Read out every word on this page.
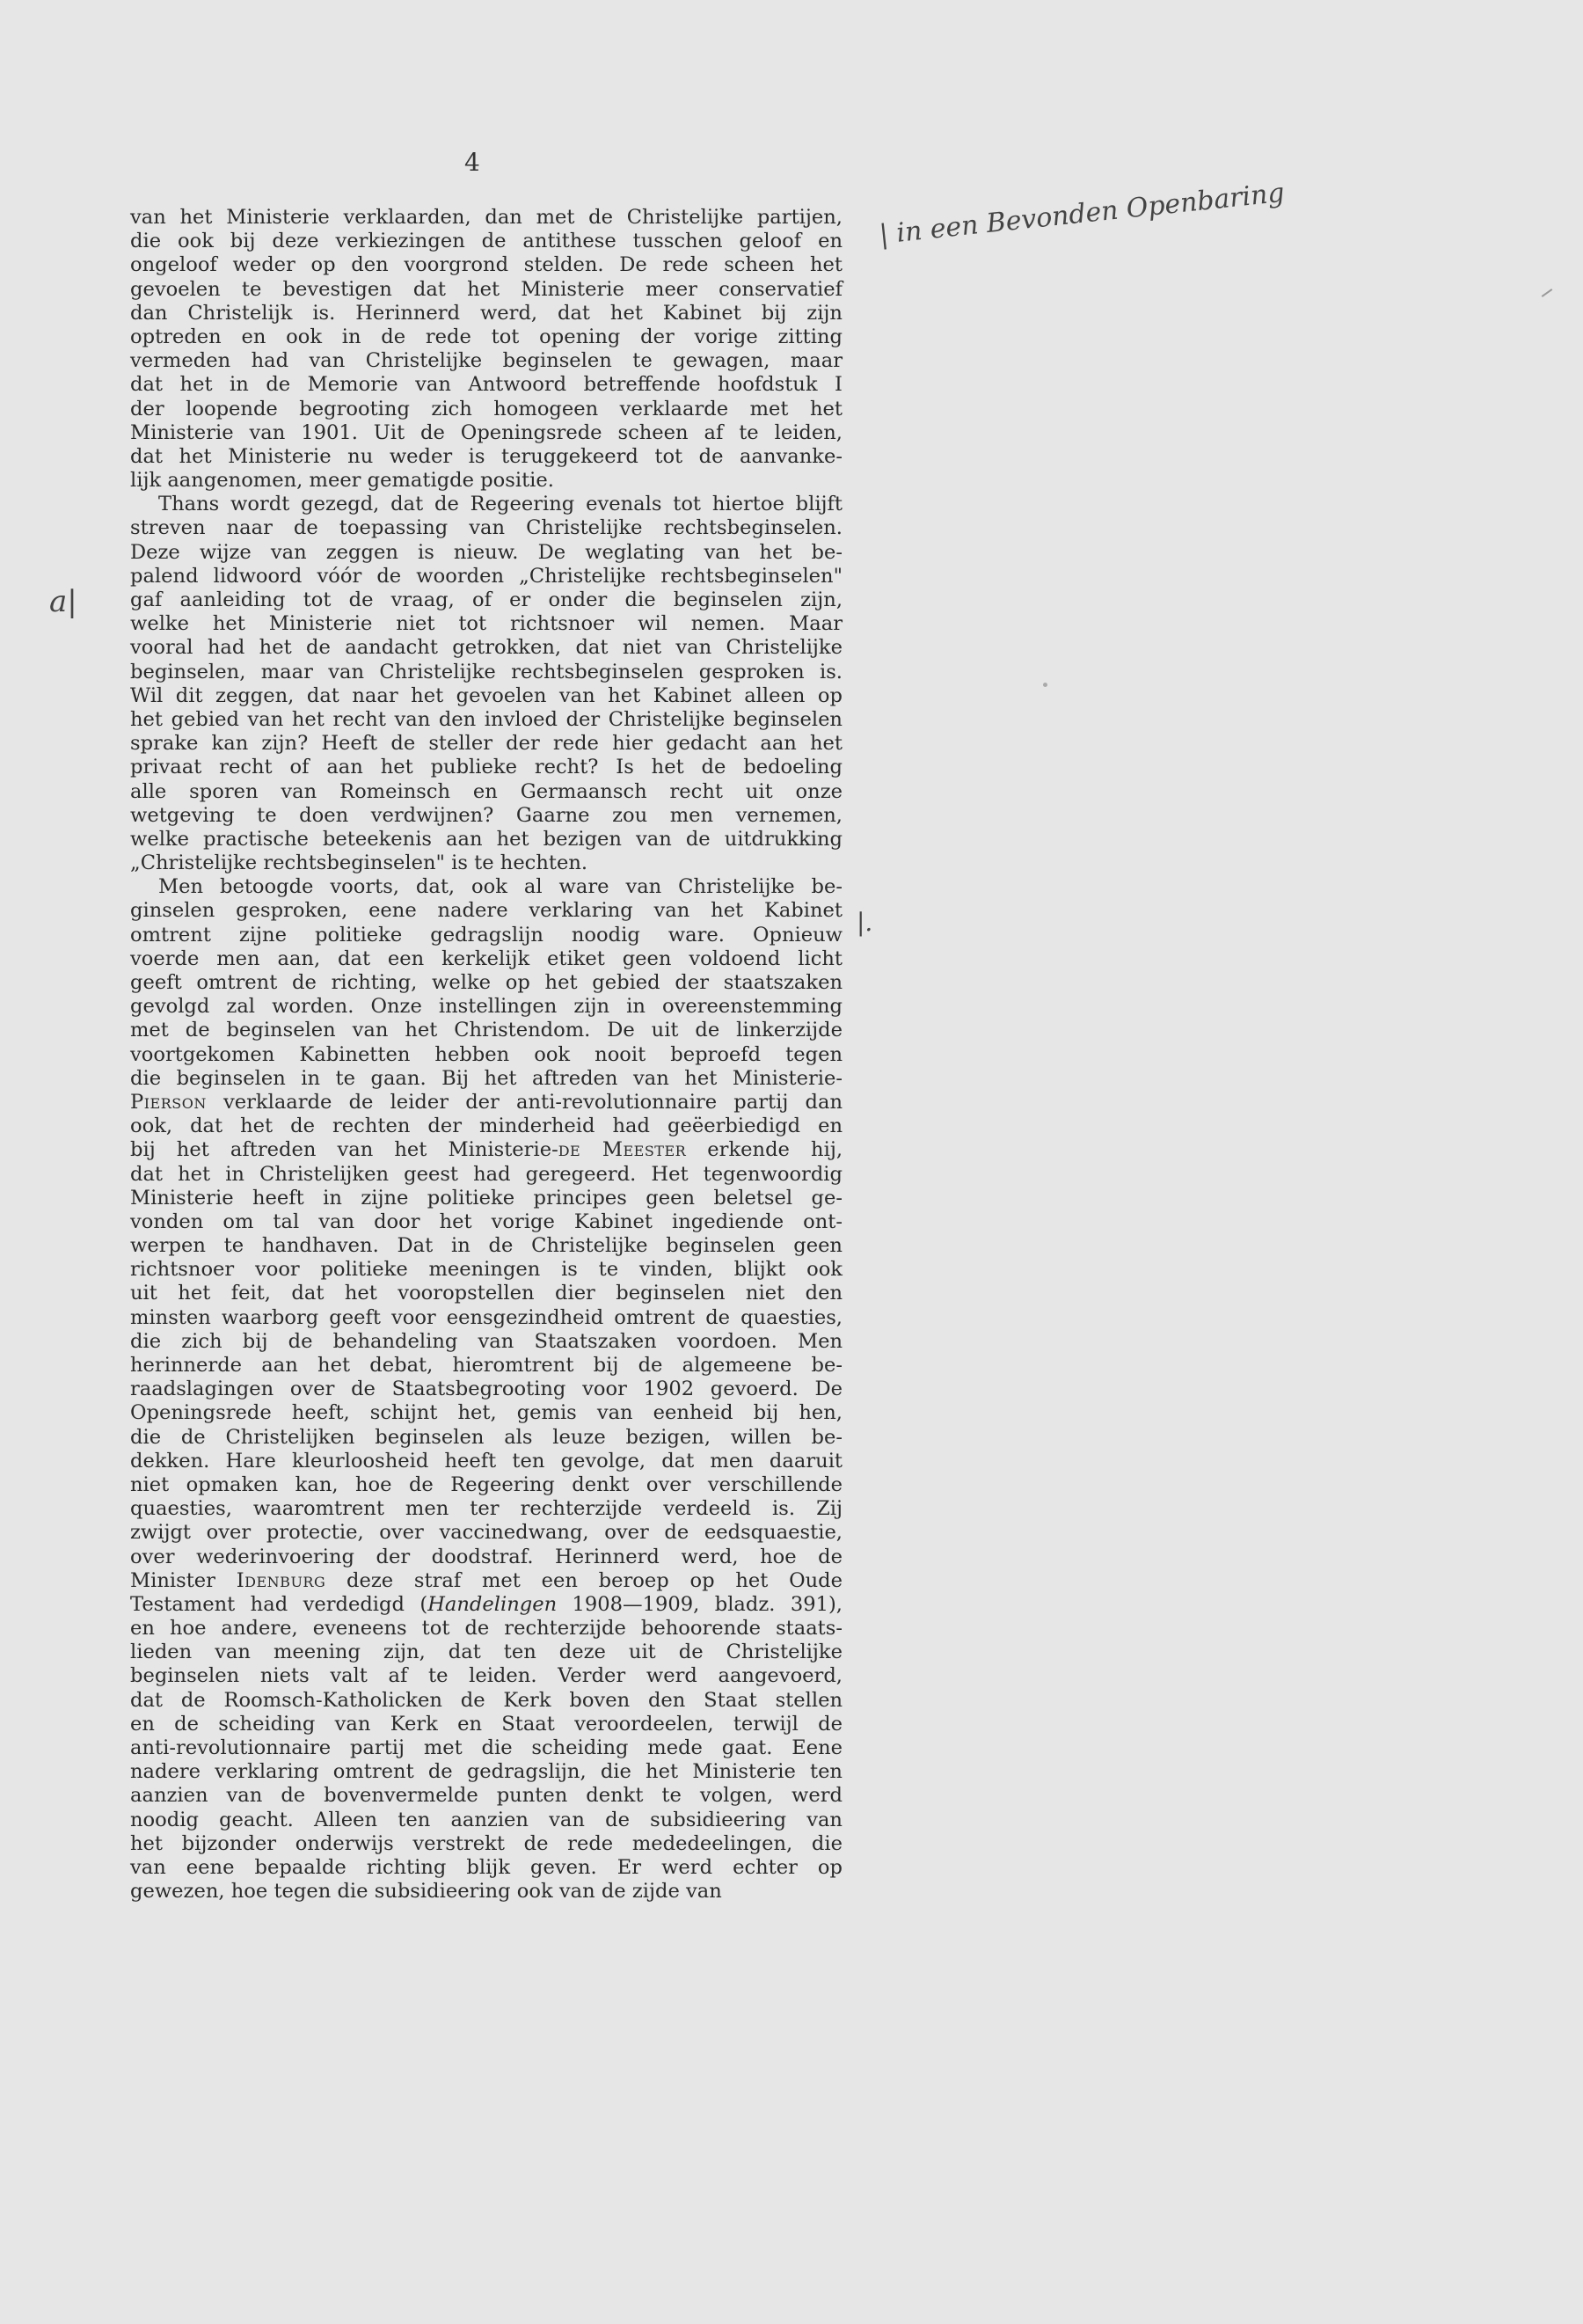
4
van het Ministerie verklaarden, dan met de Christelijke partijen,
die ook bij deze verkiezingen de antithese tusschen geloof en
ongeloof weder op den voorgrond stelden. De rede scheen het
gevoelen te bevestigen dat het Ministerie meer conservatief
dan Christelijk is. Herinnerd werd, dat het Kabinet bij zijn
optreden en ook in de rede tot opening der vorige zitting
vermeden had van Christelijke beginselen te gewagen, maar
dat het in de Memorie van Antwoord betreffende hoofdstuk I
der loopende begrooting zich homogeen verklaarde met het
Ministerie van 1901. Uit de Openingsrede scheen af te leiden,
dat het Ministerie nu weder is teruggekeerd tot de aanvanke-
lijk aangenomen, meer gematigde positie.
Thans wordt gezegd, dat de Regeering evenals tot hiertoe blijft
streven naar de toepassing van Christelijke rechtsbeginselen.
Deze wijze van zeggen is nieuw. De weglating van het be-
palend lidwoord vóór de woorden „Christelijke rechtsbeginselen"
gaf aanleiding tot de vraag, of er onder die beginselen zijn,
welke het Ministerie niet tot richtsnoer wil nemen. Maar
vooral had het de aandacht getrokken, dat niet van Christelijke
beginselen, maar van Christelijke rechtsbeginselen gesproken is.
Wil dit zeggen, dat naar het gevoelen van het Kabinet alleen op
het gebied van het recht van den invloed der Christelijke beginselen
sprake kan zijn? Heeft de steller der rede hier gedacht aan het
privaat recht of aan het publieke recht? Is het de bedoeling
alle sporen van Romeinsch en Germaansch recht uit onze
wetgeving te doen verdwijnen? Gaarne zou men vernemen,
welke practische beteekenis aan het bezigen van de uitdrukking
„Christelijke rechtsbeginselen" is te hechten.
Men betoogde voorts, dat, ook al ware van Christelijke be-
ginselen gesproken, eene nadere verklaring van het Kabinet
omtrent zijne politieke gedragslijn noodig ware. Opnieuw
voerde men aan, dat een kerkelijk etiket geen voldoend licht
geeft omtrent de richting, welke op het gebied der staatszaken
gevolgd zal worden. Onze instellingen zijn in overeenstemming
met de beginselen van het Christendom. De uit de linkerzijde
voortgekomen Kabinetten hebben ook nooit beproefd tegen
die beginselen in te gaan. Bij het aftreden van het Ministerie-
Pierson verklaarde de leider der anti-revolutionnaire partij dan
ook, dat het de rechten der minderheid had geëerbiedigd en
bij het aftreden van het Ministerie-de Meester erkende hij,
dat het in Christelijken geest had geregeerd. Het tegenwoordig
Ministerie heeft in zijne politieke principes geen beletsel ge-
vonden om tal van door het vorige Kabinet ingediende ont-
werpen te handhaven. Dat in de Christelijke beginselen geen
richtsnoer voor politieke meeningen is te vinden, blijkt ook
uit het feit, dat het vooropstellen dier beginselen niet den
minsten waarborg geeft voor eensgezindheid omtrent de quaesties,
die zich bij de behandeling van Staatszaken voordoen. Men
herinnerde aan het debat, hieromtrent bij de algemeene be-
raadslagingen over de Staatsbegrooting voor 1902 gevoerd. De
Openingsrede heeft, schijnt het, gemis van eenheid bij hen,
die de Christelijken beginselen als leuze bezigen, willen be-
dekken. Hare kleurloosheid heeft ten gevolge, dat men daaruit
niet opmaken kan, hoe de Regeering denkt over verschillende
quaesties, waaromtrent men ter rechterzijde verdeeld is. Zij
zwijgt over protectie, over vaccinedwang, over de eedsquaestie,
over wederinvoering der doodstraf. Herinnerd werd, hoe de
Minister Idenburg deze straf met een beroep op het Oude
Testament had verdedigd (Handelingen 1908—1909, bladz. 391),
en hoe andere, eveneens tot de rechterzijde behoorende staats-
lieden van meening zijn, dat ten deze uit de Christelijke
beginselen niets valt af te leiden. Verder werd aangevoerd,
dat de Roomsch-Katholicken de Kerk boven den Staat stellen
en de scheiding van Kerk en Staat veroordeelen, terwijl de
anti-revolutionnaire partij met die scheiding mede gaat. Eene
nadere verklaring omtrent de gedragslijn, die het Ministerie ten
aanzien van de bovenvermelde punten denkt te volgen, werd
noodig geacht. Alleen ten aanzien van de subsidieering van
het bijzonder onderwijs verstrekt de rede mededeelingen, die
van eene bepaalde richting blijk geven. Er werd echter op
gewezen, hoe tegen die subsidieering ook van de zijde van
| in een Bevonden Openbaring
a|
|.
